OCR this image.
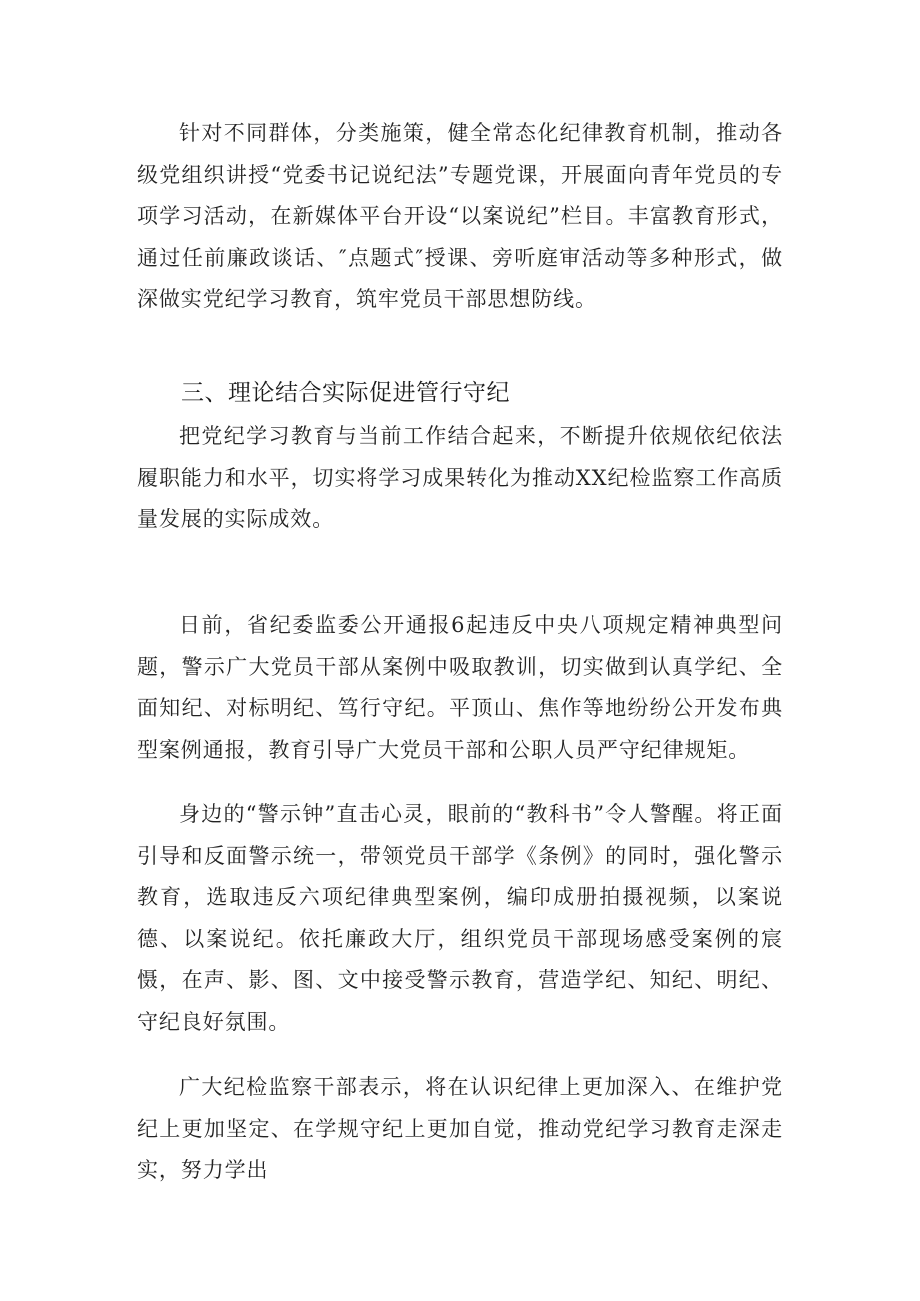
针对不同群体，分类施策，健全常态化纪律教育机制，推动各级党组织讲授“党委书记说纪法”专题党课，开展面向青年党员的专项学习活动，在新媒体平台开设“以案说纪”栏目。丰富教育形式，通过任前廉政谈话、″点题式″授课、旁听庭审活动等多种形式，做深做实党纪学习教育，筑牢党员干部思想防线。

三、理论结合实际促进管行守纪

把党纪学习教育与当前工作结合起来，不断提升依规依纪依法履职能力和水平，切实将学习成果转化为推动XX纪检监察工作高质量发展的实际成效。

日前，省纪委监委公开通报6起违反中央八项规定精神典型问题，警示广大党员干部从案例中吸取教训，切实做到认真学纪、全面知纪、对标明纪、笃行守纪。平顶山、焦作等地纷纷公开发布典型案例通报，教育引导广大党员干部和公职人员严守纪律规矩。

身边的“警示钟”直击心灵，眼前的“教科书”令人警醒。将正面引导和反面警示统一，带领党员干部学《条例》的同时，强化警示教育，选取违反六项纪律典型案例，编印成册拍摄视频，以案说德、以案说纪。依托廉政大厅，组织党员干部现场感受案例的宸慑，在声、影、图、文中接受警示教育，营造学纪、知纪、明纪、守纪良好氛围。

广大纪检监察干部表示，将在认识纪律上更加深入、在维护党纪上更加坚定、在学规守纪上更加自觉，推动党纪学习教育走深走实，努力学出
